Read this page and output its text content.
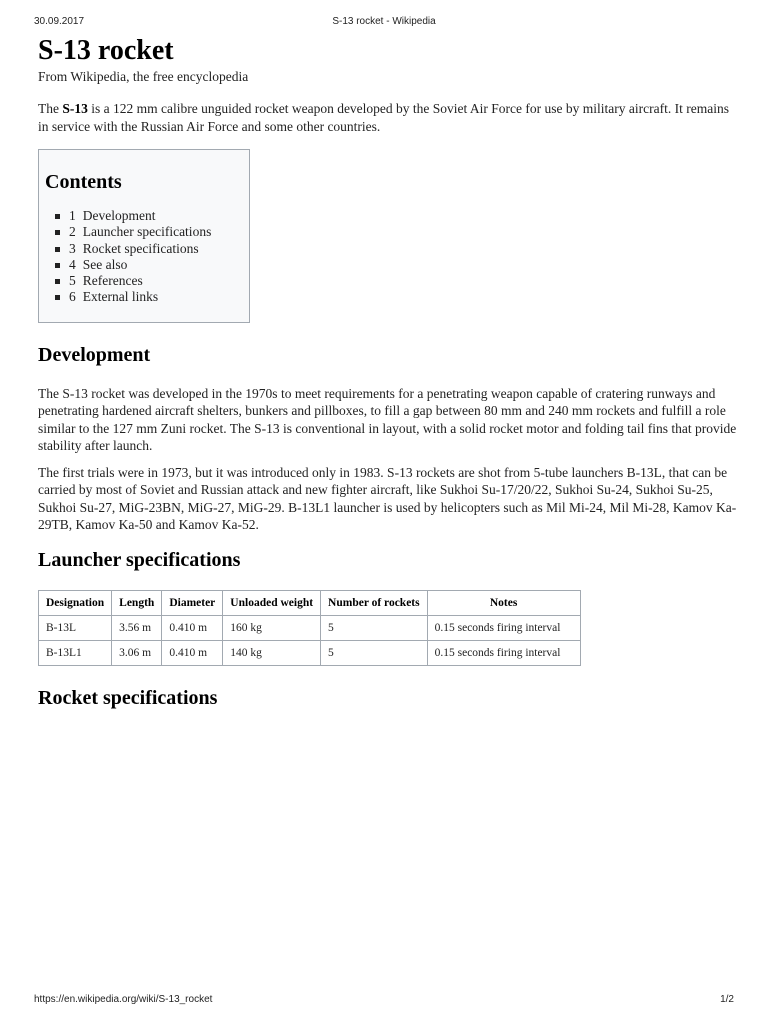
30.09.2017	S-13 rocket - Wikipedia
S-13 rocket
From Wikipedia, the free encyclopedia

The S-13 is a 122 mm calibre unguided rocket weapon developed by the Soviet Air Force for use by military aircraft. It remains in service with the Russian Air Force and some other countries.

Contents
1 Development
2 Launcher specifications
3 Rocket specifications
4 See also
5 References
6 External links
Development

The S-13 rocket was developed in the 1970s to meet requirements for a penetrating weapon capable of cratering runways and penetrating hardened aircraft shelters, bunkers and pillboxes, to fill a gap between 80 mm and 240 mm rockets and fulfill a role similar to the 127 mm Zuni rocket. The S-13 is conventional in layout, with a solid rocket motor and folding tail fins that provide stability after launch.

The first trials were in 1973, but it was introduced only in 1983. S-13 rockets are shot from 5-tube launchers B-13L, that can be carried by most of Soviet and Russian attack and new fighter aircraft, like Sukhoi Su-17/20/22, Sukhoi Su-24, Sukhoi Su-25, Sukhoi Su-27, MiG-23BN, MiG-27, MiG-29. B-13L1 launcher is used by helicopters such as Mil Mi-24, Mil Mi-28, Kamov Ka-29TB, Kamov Ka-50 and Kamov Ka-52.

Launcher specifications
Designation	Length	Diameter	Unloaded weight	Number of rockets	Notes
B-13L	3.56 m	0.410 m	160 kg	5	0.15 seconds firing interval
B-13L1	3.06 m	0.410 m	140 kg	5	0.15 seconds firing interval
Rocket specifications
https://en.wikipedia.org/wiki/S-13_rocket	1/2
